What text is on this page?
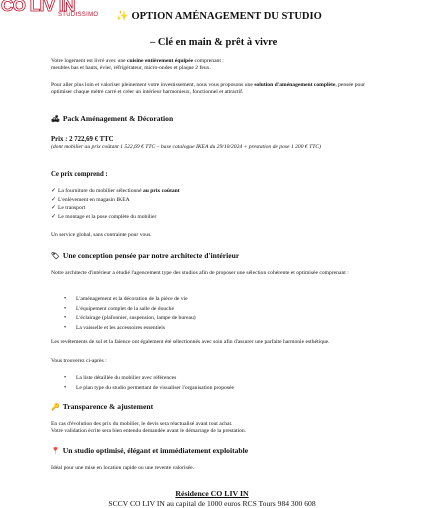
CO LIV IN
STUDISSIMO ✨ OPTION AMÉNAGEMENT DU STUDIO
– Clé en main & prêt à vivre
Votre logement est livré avec une cuisine entièrement équipée comprenant :
meubles bas et hauts, évier, réfrigérateur, micro-ondes et plaque 2 feux.
Pour aller plus loin et valoriser pleinement votre investissement, nous vous proposons une solution d'aménagement complète, pensée pour optimiser chaque mètre carré et créer un intérieur harmonieux, fonctionnel et attractif.
🛋 Pack Aménagement & Décoration
Prix : 2 722,69 € TTC
(dont mobilier au prix coûtant 1 522,69 € TTC – base catalogue IKEA du 29/10/2024 + prestation de pose 1 200 € TTC)
Ce prix comprend :
✓ La fourniture du mobilier sélectionné au prix coûtant
✓ L'enlèvement en magasin IKEA
✓ Le transport
✓ Le montage et la pose complète du mobilier
Un service global, sans contrainte pour vous.
🏷 Une conception pensée par notre architecte d'intérieur
Notre architecte d'intérieur a étudié l'agencement type des studios afin de proposer une sélection cohérente et optimisée comprenant :
• L'aménagement et la décoration de la pièce de vie
• L'équipement complet de la salle de douche
• L'éclairage (plafonnier, suspension, lampe de bureau)
• La vaisselle et les accessoires essentiels
Les revêtements de sol et la faïence ont également été sélectionnés avec soin afin d'assurer une parfaite harmonie esthétique.
Vous trouverez ci-après :
• La liste détaillée du mobilier avec références
• Le plan type du studio permettant de visualiser l'organisation proposée
🔑 Transparence & ajustement
En cas d'évolution des prix du mobilier, le devis sera réactualisé avant tout achat.
Votre validation écrite sera bien entendu demandée avant le démarrage de la prestation.
📍 Un studio optimisé, élégant et immédiatement exploitable
Idéal pour une mise en location rapide ou une revente valorisée.
Résidence CO LIV IN
SCCV CO LIV IN au capital de 1000 euros RCS Tours 984 300 608
